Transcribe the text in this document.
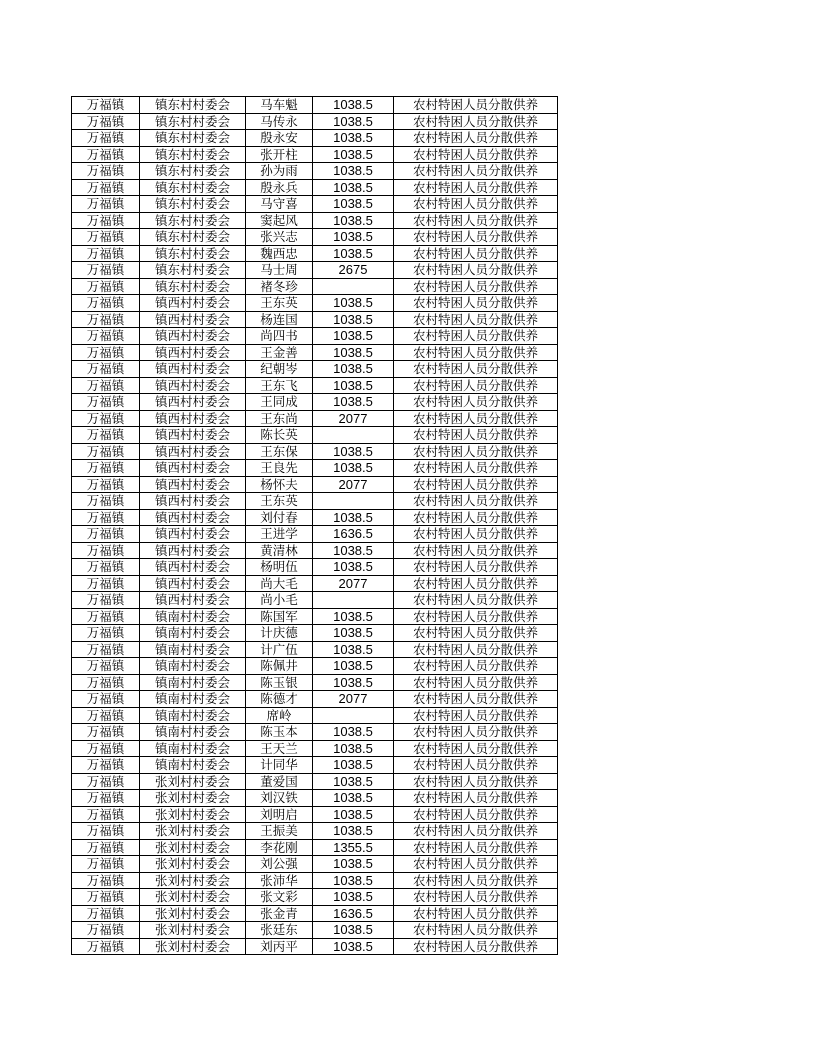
万福镇	镇东村村委会	马车魁	1038.5	农村特困人员分散供养
万福镇	镇东村村委会	马传永	1038.5	农村特困人员分散供养
万福镇	镇东村村委会	殷永安	1038.5	农村特困人员分散供养
万福镇	镇东村村委会	张开柱	1038.5	农村特困人员分散供养
万福镇	镇东村村委会	孙为雨	1038.5	农村特困人员分散供养
万福镇	镇东村村委会	殷永兵	1038.5	农村特困人员分散供养
万福镇	镇东村村委会	马守喜	1038.5	农村特困人员分散供养
万福镇	镇东村村委会	窦起风	1038.5	农村特困人员分散供养
万福镇	镇东村村委会	张兴志	1038.5	农村特困人员分散供养
万福镇	镇东村村委会	魏西忠	1038.5	农村特困人员分散供养
万福镇	镇东村村委会	马士周	2675	农村特困人员分散供养
万福镇	镇东村村委会	褚冬珍		农村特困人员分散供养
万福镇	镇西村村委会	王东英	1038.5	农村特困人员分散供养
万福镇	镇西村村委会	杨连国	1038.5	农村特困人员分散供养
万福镇	镇西村村委会	尚四书	1038.5	农村特困人员分散供养
万福镇	镇西村村委会	王金善	1038.5	农村特困人员分散供养
万福镇	镇西村村委会	纪朝岑	1038.5	农村特困人员分散供养
万福镇	镇西村村委会	王东飞	1038.5	农村特困人员分散供养
万福镇	镇西村村委会	王同成	1038.5	农村特困人员分散供养
万福镇	镇西村村委会	王东尚	2077	农村特困人员分散供养
万福镇	镇西村村委会	陈长英		农村特困人员分散供养
万福镇	镇西村村委会	王东保	1038.5	农村特困人员分散供养
万福镇	镇西村村委会	王良先	1038.5	农村特困人员分散供养
万福镇	镇西村村委会	杨怀夫	2077	农村特困人员分散供养
万福镇	镇西村村委会	王东英		农村特困人员分散供养
万福镇	镇西村村委会	刘付春	1038.5	农村特困人员分散供养
万福镇	镇西村村委会	王进学	1636.5	农村特困人员分散供养
万福镇	镇西村村委会	黄清林	1038.5	农村特困人员分散供养
万福镇	镇西村村委会	杨明伍	1038.5	农村特困人员分散供养
万福镇	镇西村村委会	尚大毛	2077	农村特困人员分散供养
万福镇	镇西村村委会	尚小毛		农村特困人员分散供养
万福镇	镇南村村委会	陈国军	1038.5	农村特困人员分散供养
万福镇	镇南村村委会	计庆德	1038.5	农村特困人员分散供养
万福镇	镇南村村委会	计广伍	1038.5	农村特困人员分散供养
万福镇	镇南村村委会	陈佩井	1038.5	农村特困人员分散供养
万福镇	镇南村村委会	陈玉银	1038.5	农村特困人员分散供养
万福镇	镇南村村委会	陈德才	2077	农村特困人员分散供养
万福镇	镇南村村委会	席岭		农村特困人员分散供养
万福镇	镇南村村委会	陈玉本	1038.5	农村特困人员分散供养
万福镇	镇南村村委会	王天兰	1038.5	农村特困人员分散供养
万福镇	镇南村村委会	计同华	1038.5	农村特困人员分散供养
万福镇	张刘村村委会	董爱国	1038.5	农村特困人员分散供养
万福镇	张刘村村委会	刘汉铁	1038.5	农村特困人员分散供养
万福镇	张刘村村委会	刘明启	1038.5	农村特困人员分散供养
万福镇	张刘村村委会	王振美	1038.5	农村特困人员分散供养
万福镇	张刘村村委会	李花刚	1355.5	农村特困人员分散供养
万福镇	张刘村村委会	刘公强	1038.5	农村特困人员分散供养
万福镇	张刘村村委会	张沛华	1038.5	农村特困人员分散供养
万福镇	张刘村村委会	张文彩	1038.5	农村特困人员分散供养
万福镇	张刘村村委会	张金青	1636.5	农村特困人员分散供养
万福镇	张刘村村委会	张廷东	1038.5	农村特困人员分散供养
万福镇	张刘村村委会	刘丙平	1038.5	农村特困人员分散供养
